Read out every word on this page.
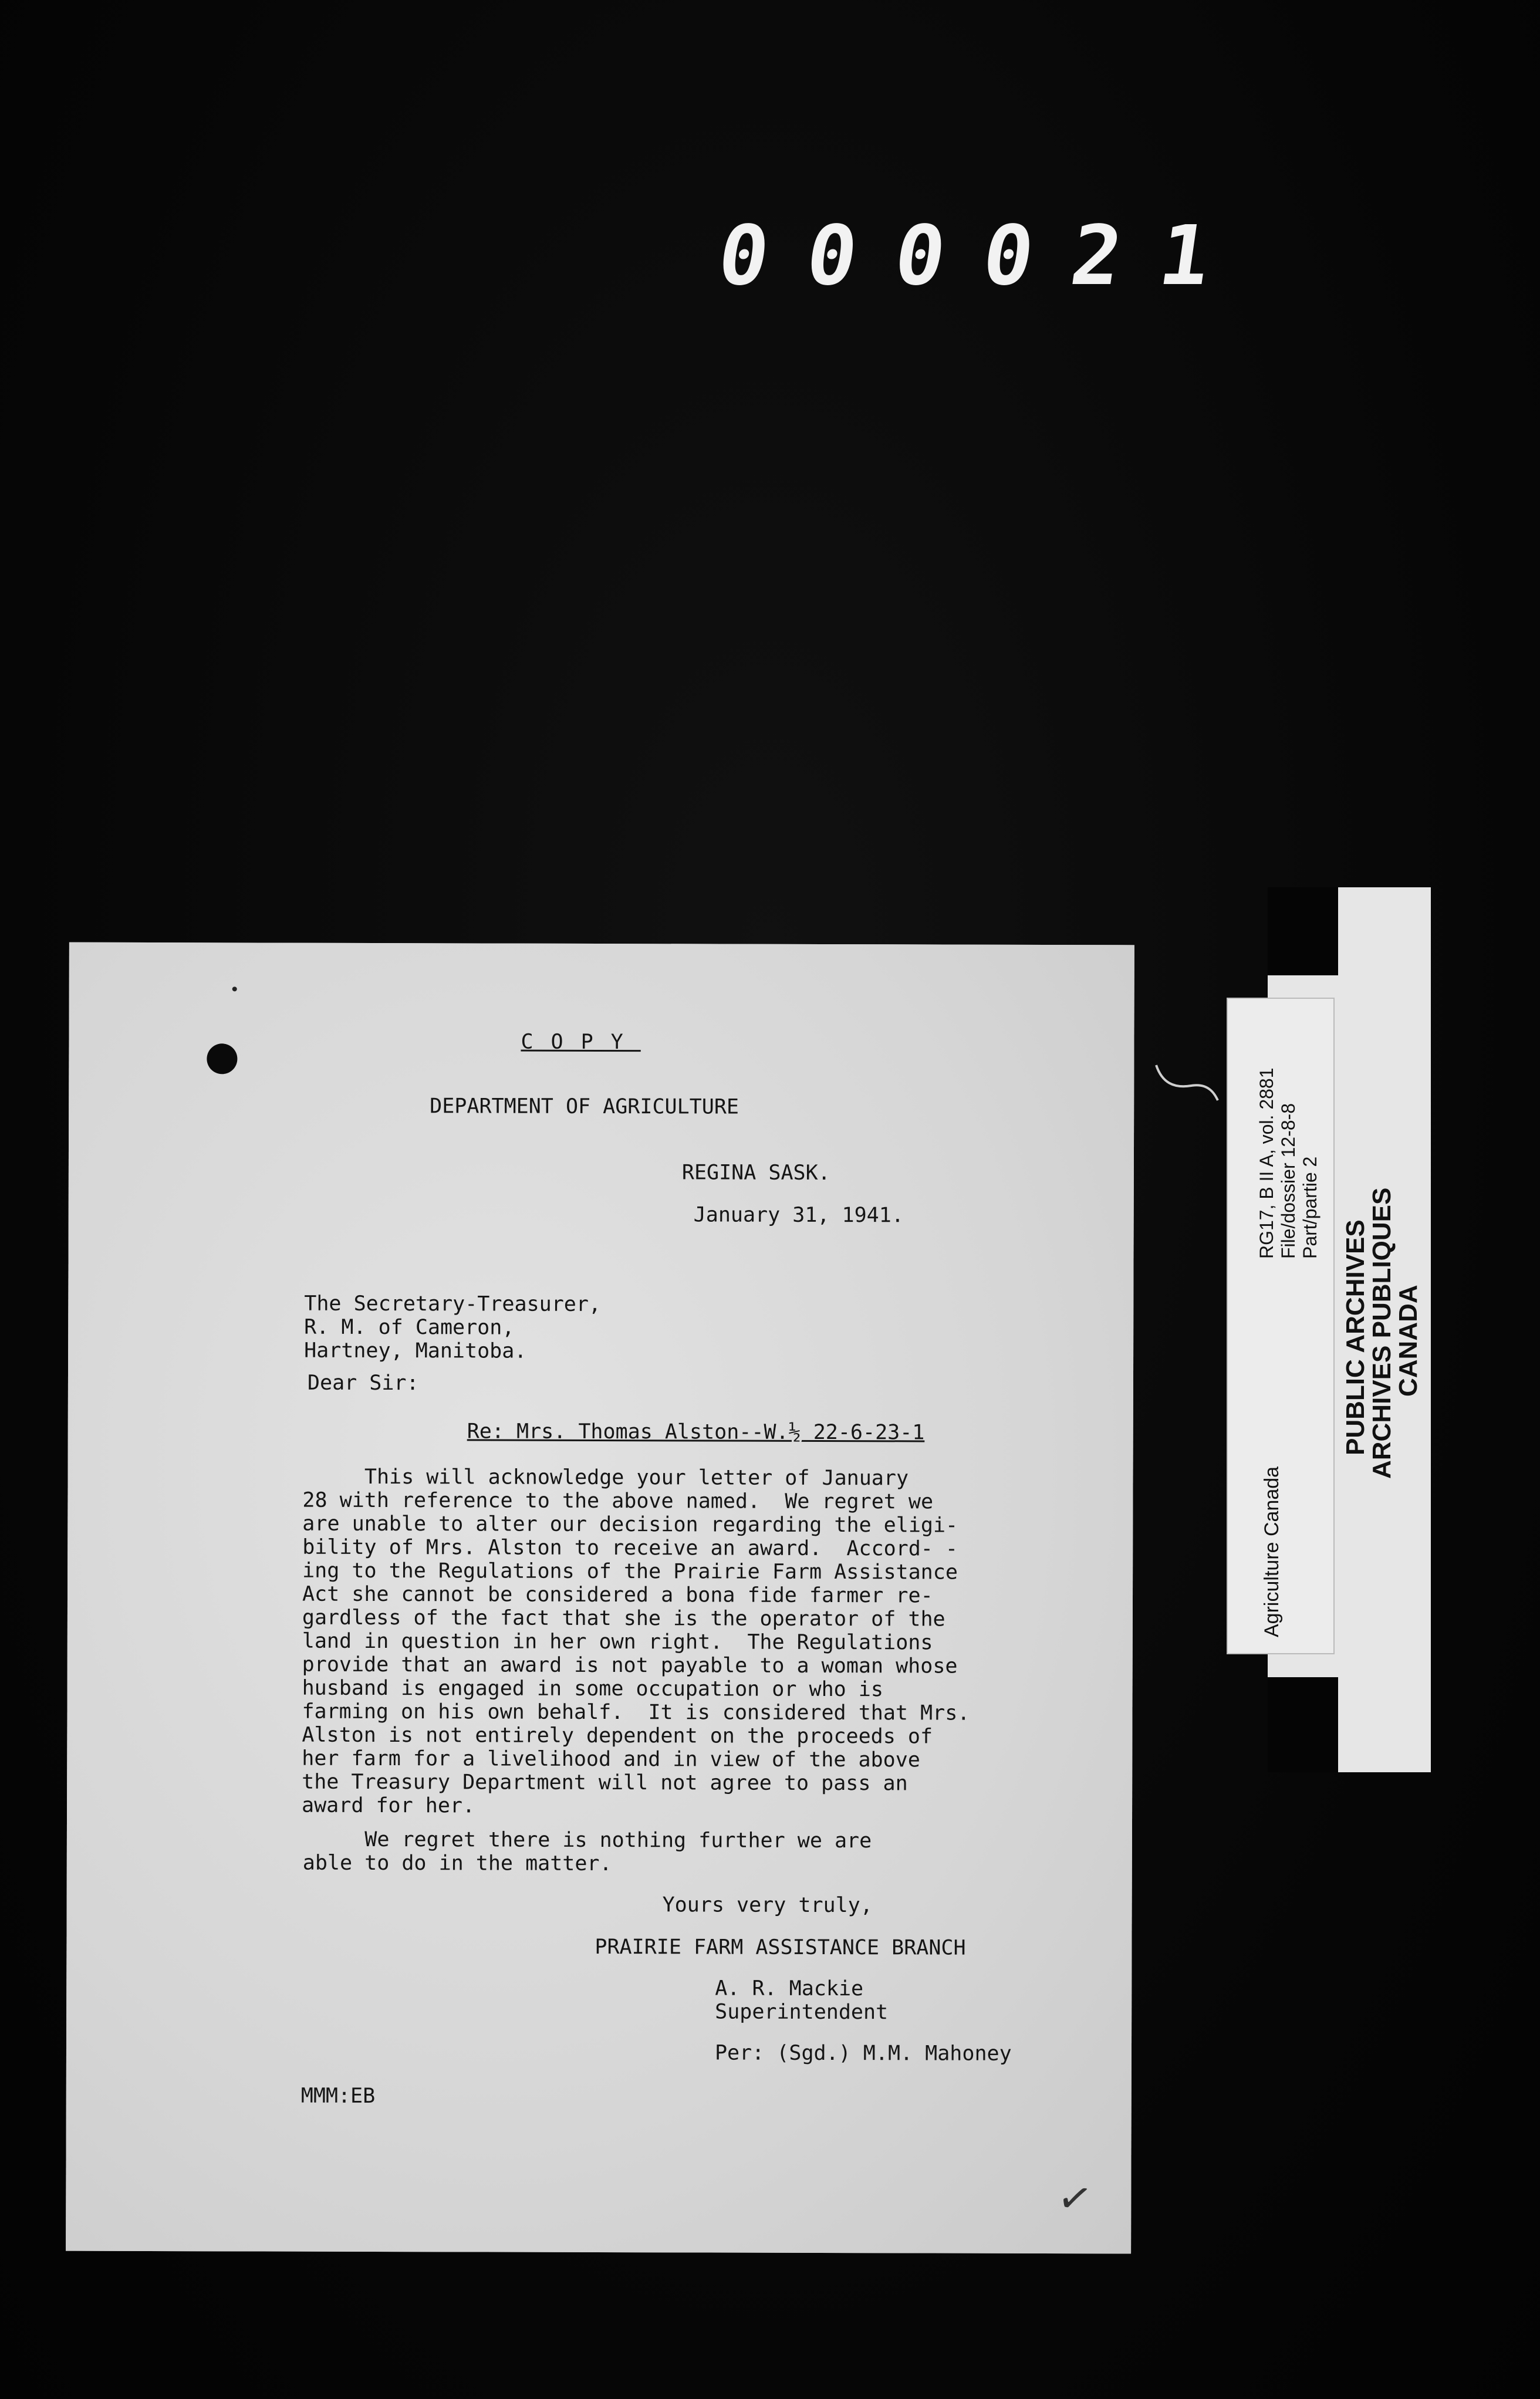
000021
COPY
DEPARTMENT OF AGRICULTURE
REGINA SASK.
January 31, 1941.
The Secretary-Treasurer,
R. M. of Cameron,
Hartney, Manitoba.
Dear Sir:
Re: Mrs. Thomas Alston--W.½ 22-6-23-1
This will acknowledge your letter of January
28 with reference to the above named.  We regret we
are unable to alter our decision regarding the eligi-
bility of Mrs. Alston to receive an award.  Accord- -
ing to the Regulations of the Prairie Farm Assistance
Act she cannot be considered a bona fide farmer re-
gardless of the fact that she is the operator of the
land in question in her own right.  The Regulations
provide that an award is not payable to a woman whose
husband is engaged in some occupation or who is
farming on his own behalf.  It is considered that Mrs.
Alston is not entirely dependent on the proceeds of
her farm for a livelihood and in view of the above
the Treasury Department will not agree to pass an
award for her.
We regret there is nothing further we are
able to do in the matter.
Yours very truly,
PRAIRIE FARM ASSISTANCE BRANCH
A. R. Mackie
Superintendent
Per: (Sgd.) M.M. Mahoney
MMM:EB
✓
RG17, B II A, vol. 2881 File/dossier 12-8-8 Part/partie 2
Agriculture Canada
PUBLIC ARCHIVES
ARCHIVES PUBLIQUES
CANADA
